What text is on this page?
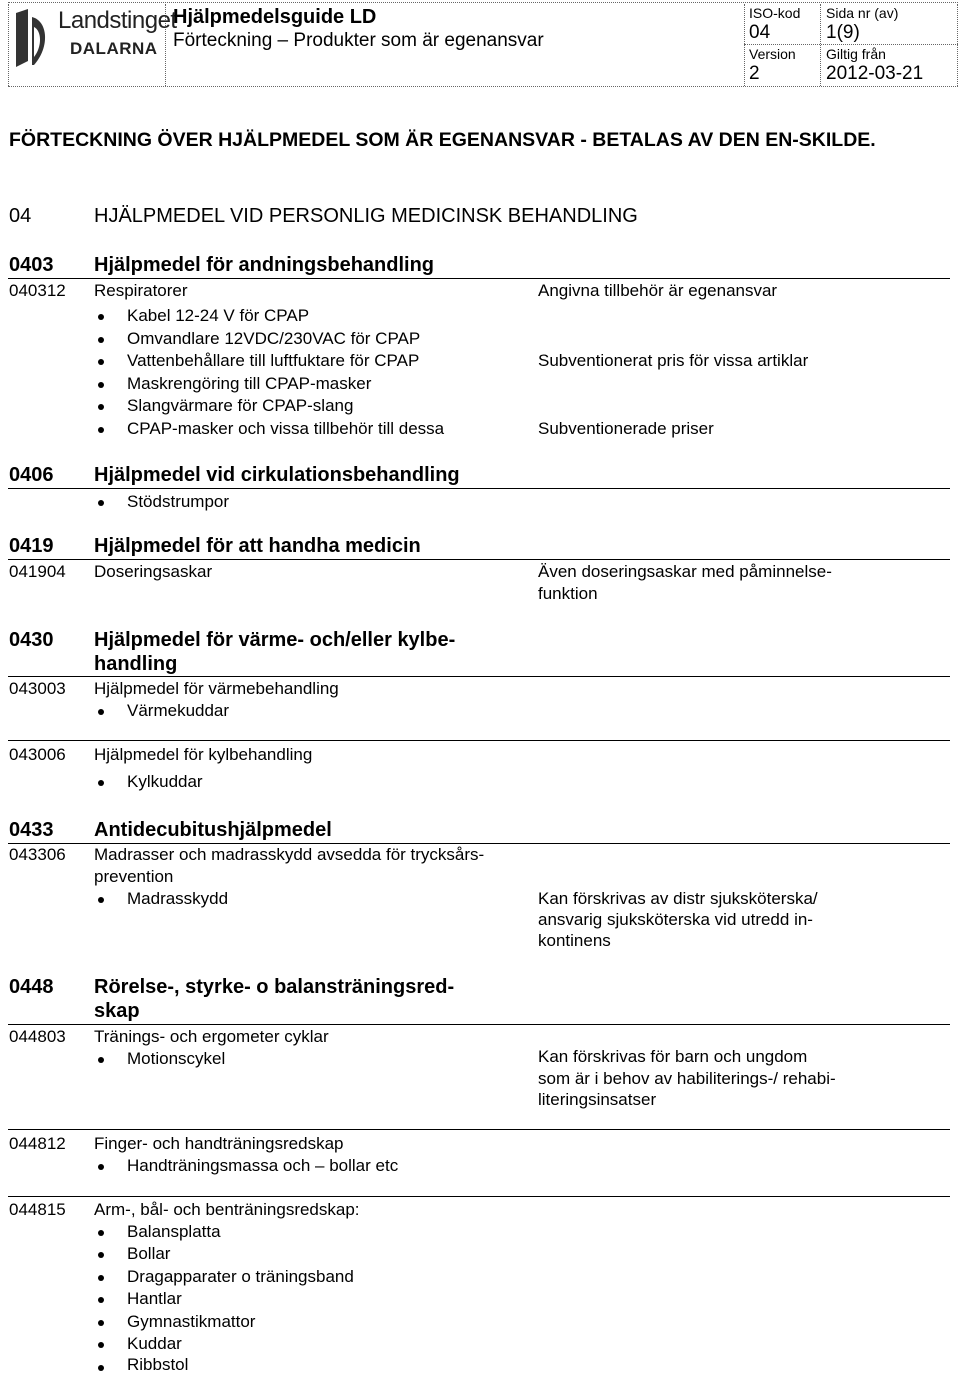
Landstinget
DALARNA
Hjälpmedelsguide LD
Förteckning – Produkter som är egenansvar
ISO-kod
04
Sida nr (av)
1(9)
Version
2
Giltig från
2012-03-21
FÖRTECKNING ÖVER HJÄLPMEDEL SOM ÄR EGENANSVAR - BETALAS AV DEN EN-SKILDE.
04	HJÄLPMEDEL VID PERSONLIG MEDICINSK BEHANDLING
0403 Hjälpmedel för andningsbehandling
040312 Respiratorer	Angivna tillbehör är egenansvar
Kabel 12-24 V för CPAP
Omvandlare 12VDC/230VAC för CPAP
Vattenbehållare till luftfuktare för CPAP	Subventionerat pris för vissa artiklar
Maskrengöring till CPAP-masker
Slangvärmare för CPAP-slang
CPAP-masker och vissa tillbehör till dessa	Subventionerade priser
0406 Hjälpmedel vid cirkulationsbehandling
Stödstrumpor
0419 Hjälpmedel för att handha medicin
041904 Doseringsaskar	Även doseringsaskar med påminnelse-
funktion
0430 Hjälpmedel för värme- och/eller kylbe-
handling
043003 Hjälpmedel för värmebehandling
Värmekuddar
043006 Hjälpmedel för kylbehandling
Kylkuddar
0433 Antidecubitushjälpmedel
043306 Madrasser och madrasskydd avsedda för trycksårs-
prevention
Madrasskydd	Kan förskrivas av distr sjuksköterska/
ansvarig sjuksköterska vid utredd in-
kontinens
0448 Rörelse-, styrke- o balansträningsred-
skap
044803 Tränings- och ergometer cyklar
Motionscykel	Kan förskrivas för barn och ungdom
som är i behov av habiliterings-/ rehabi-
literingsinsatser
044812 Finger- och handträningsredskap
Handträningsmassa och – bollar etc
044815 Arm-, bål- och benträningsredskap:
Balansplatta
Bollar
Dragapparater o träningsband
Hantlar
Gymnastikmattor
Kuddar
Ribbstol
